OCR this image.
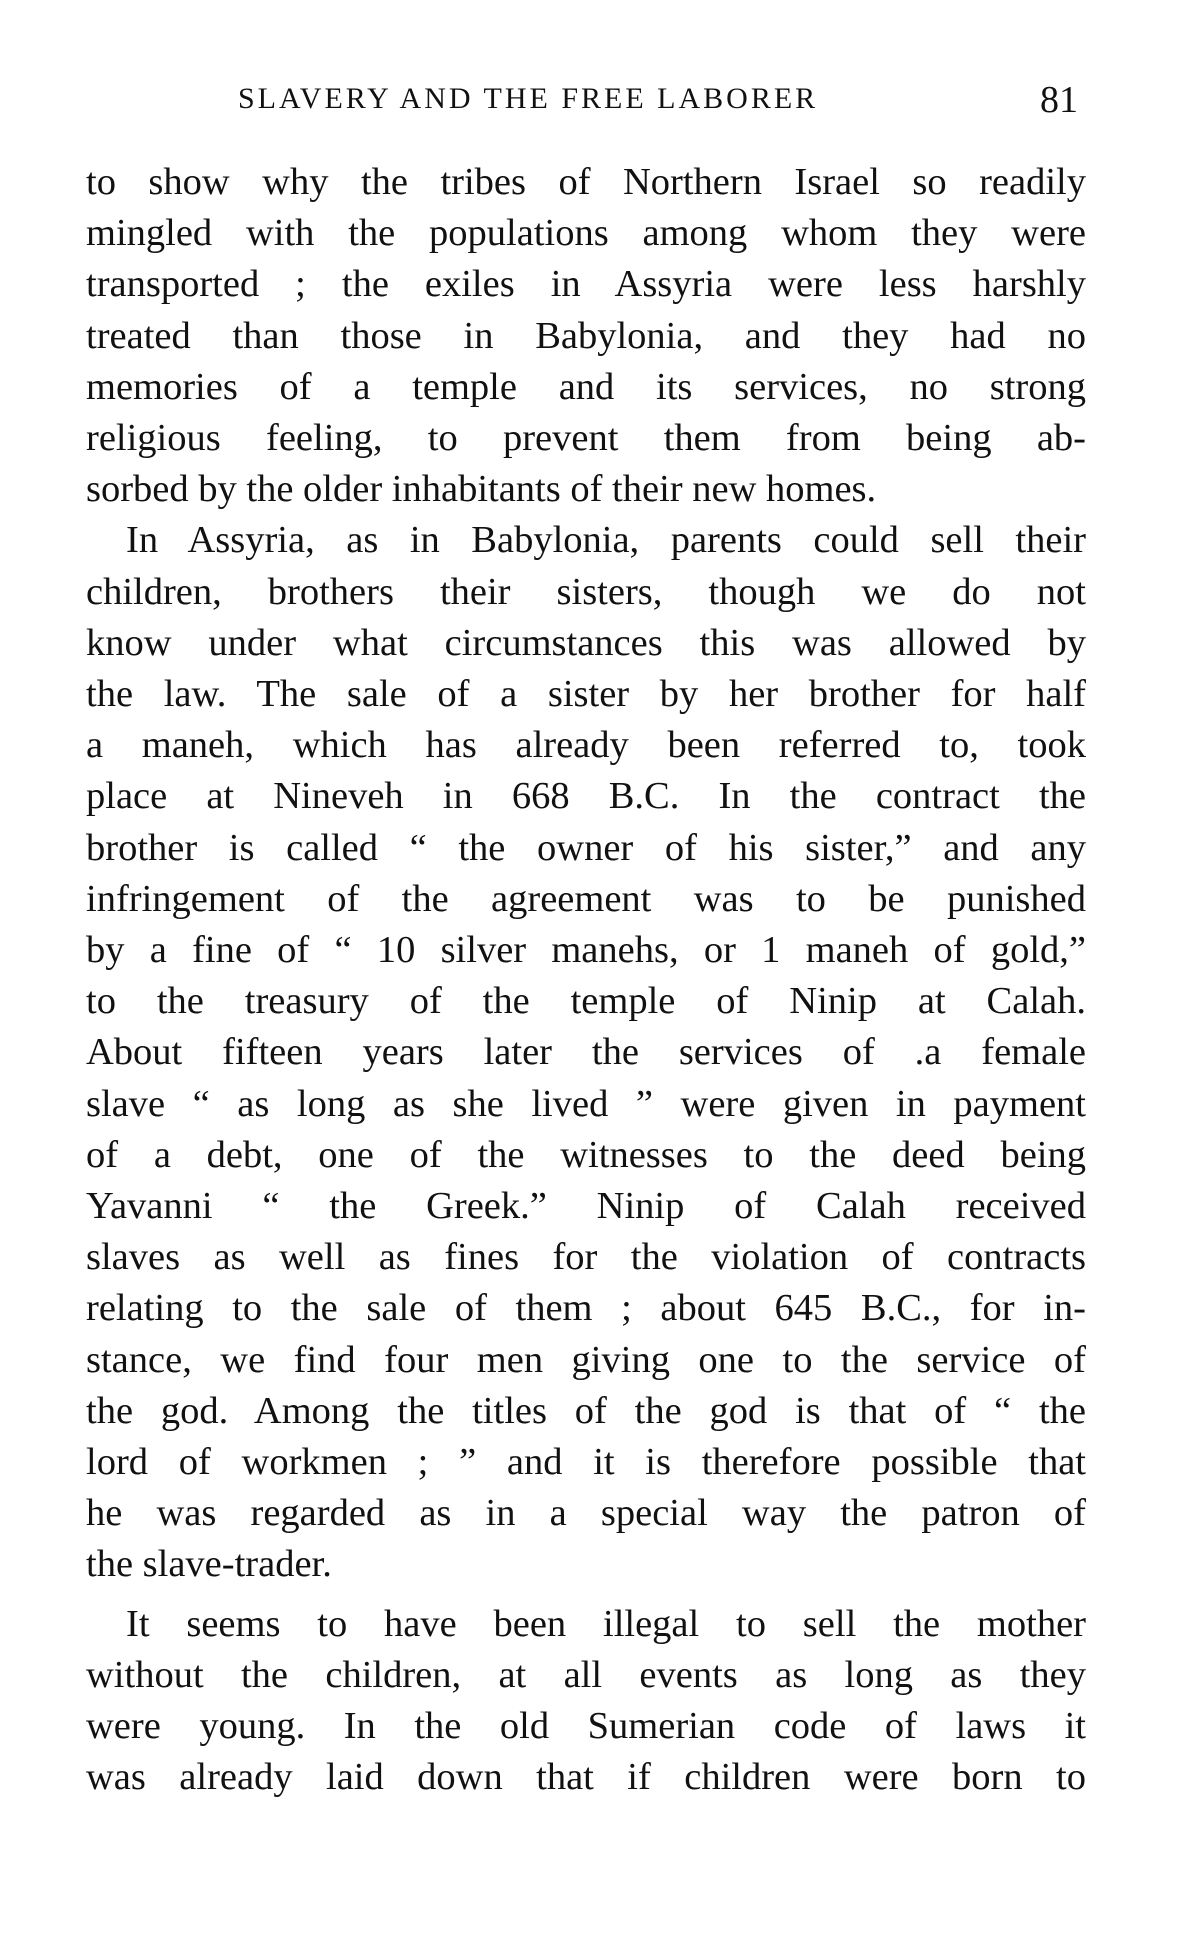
SLAVERY AND THE FREE LABORER	81

to show why the tribes of Northern Israel so readily
mingled with the populations among whom they were
transported ; the exiles in Assyria were less harshly
treated than those in Babylonia, and they had no
memories of a temple and its services, no strong
religious feeling, to prevent them from being ab-
sorbed by the older inhabitants of their new homes.

In Assyria, as in Babylonia, parents could sell their
children, brothers their sisters, though we do not
know under what circumstances this was allowed by
the law. The sale of a sister by her brother for half
a maneh, which has already been referred to, took
place at Nineveh in 668 B.C. In the contract the
brother is called “ the owner of his sister,” and any
infringement of the agreement was to be punished
by a fine of “ 10 silver manehs, or 1 maneh of gold,”
to the treasury of the temple of Ninip at Calah.
About fifteen years later the services of .a female
slave “ as long as she lived ” were given in payment
of a debt, one of the witnesses to the deed being
Yavanni “ the Greek.” Ninip of Calah received
slaves as well as fines for the violation of contracts
relating to the sale of them ; about 645 B.C., for in-
stance, we find four men giving one to the service of
the god. Among the titles of the god is that of “ the
lord of workmen ; ” and it is therefore possible that
he was regarded as in a special way the patron of
the slave-trader.

It seems to have been illegal to sell the mother
without the children, at all events as long as they
were young. In the old Sumerian code of laws it
was already laid down that if children were born to
